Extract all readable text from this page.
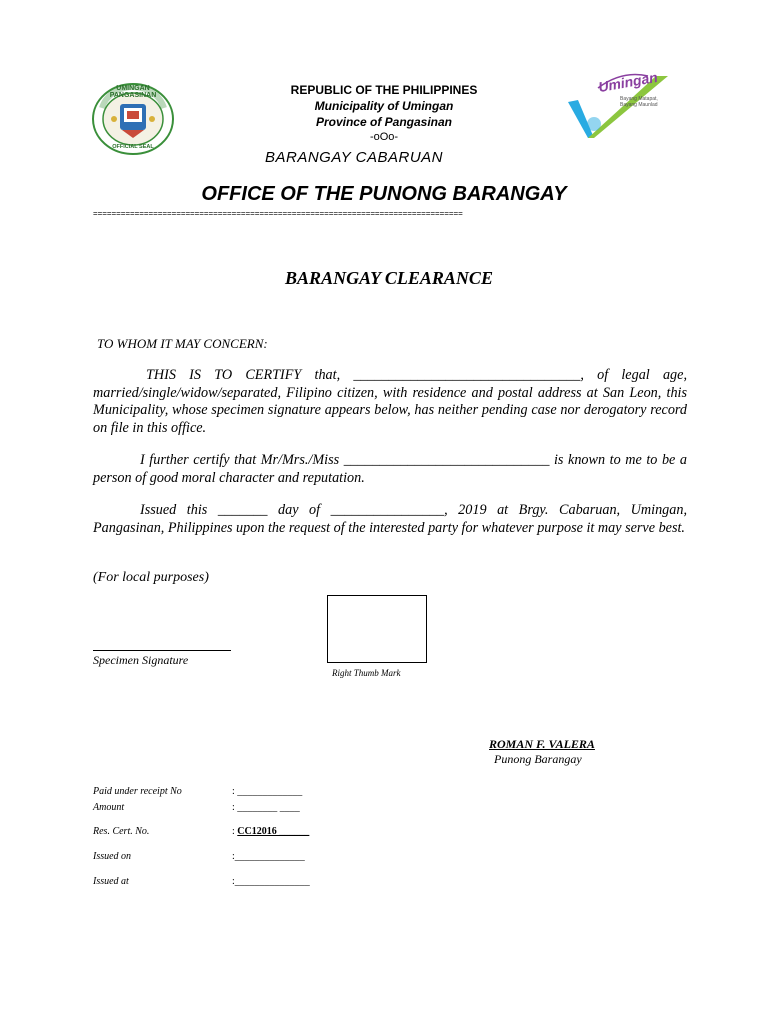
UMINGAN PANGASINAN
OFFICIAL SEAL
Umingan
Bayang Matapat, Bayang Maunlad
REPUBLIC OF THE PHILIPPINES
Municipality of Umingan
Province of Pangasinan
-oOo-
BARANGAY CABARUAN
OFFICE OF THE PUNONG BARANGAY
================================================================================
BARANGAY CLEARANCE
TO WHOM IT MAY CONCERN:
THIS IS TO CERTIFY that, ________________________________, of legal age, married/single/widow/separated, Filipino citizen, with residence and postal address at San Leon, this Municipality, whose specimen signature appears below, has neither pending case nor derogatory record on file in this office.
I further certify that Mr/Mrs./Miss _____________________________ is known to me to be a person of good moral character and reputation.
Issued this _______ day of ________________, 2019 at Brgy. Cabaruan, Umingan, Pangasinan, Philippines upon the request of the interested party for whatever purpose it may serve best.
(For local purposes)
Specimen Signature
Right Thumb Mark
ROMAN F. VALERA
Punong Barangay
Paid under receipt No	: _____________
Amount	: ________ ____
Res. Cert. No.	: CC12016 ______
Issued on	:______________
Issued at	:_______________
